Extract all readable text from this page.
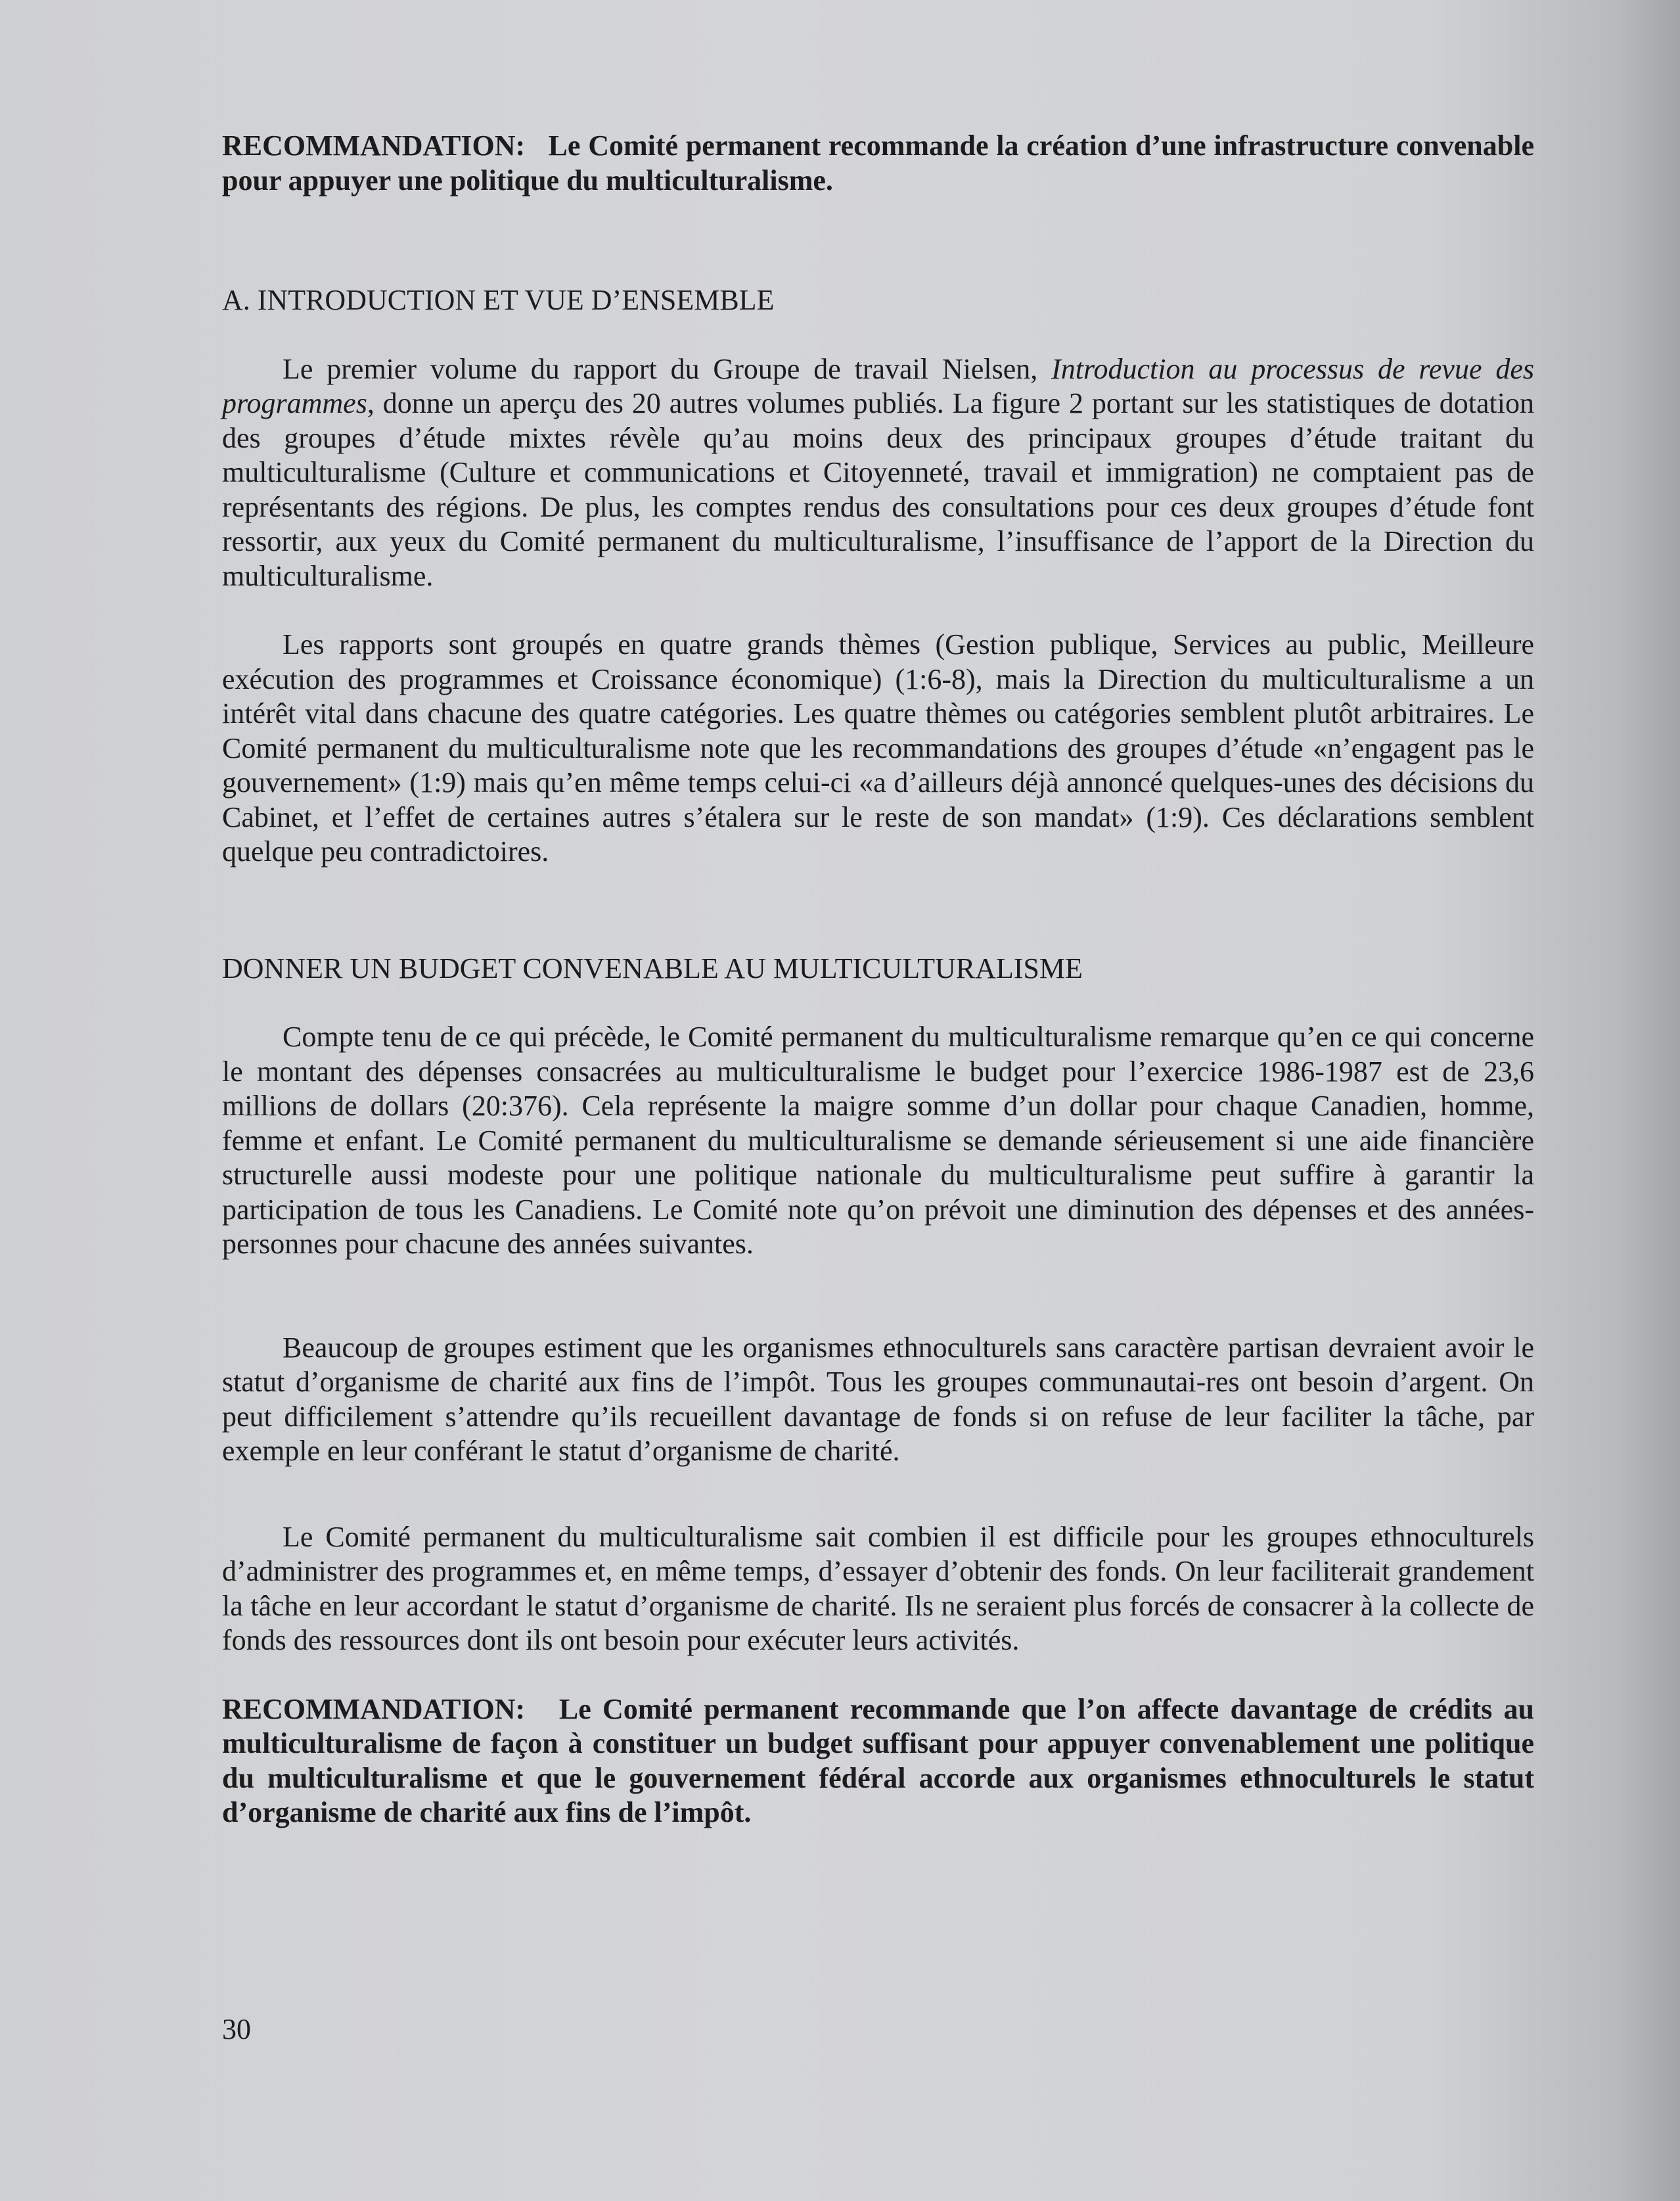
RECOMMANDATION: Le Comité permanent recommande la création d’une infrastructure convenable pour appuyer une politique du multiculturalisme.

A. INTRODUCTION ET VUE D’ENSEMBLE

Le premier volume du rapport du Groupe de travail Nielsen, Introduction au processus de revue des programmes, donne un aperçu des 20 autres volumes publiés. La figure 2 portant sur les statistiques de dotation des groupes d’étude mixtes révèle qu’au moins deux des principaux groupes d’étude traitant du multiculturalisme (Culture et communications et Citoyenneté, travail et immigration) ne comptaient pas de représentants des régions. De plus, les comptes rendus des consultations pour ces deux groupes d’étude font ressortir, aux yeux du Comité permanent du multiculturalisme, l’insuffisance de l’apport de la Direction du multiculturalisme.

Les rapports sont groupés en quatre grands thèmes (Gestion publique, Services au public, Meilleure exécution des programmes et Croissance économique) (1:6-8), mais la Direction du multiculturalisme a un intérêt vital dans chacune des quatre catégories. Les quatre thèmes ou catégories semblent plutôt arbitraires. Le Comité permanent du multiculturalisme note que les recommandations des groupes d’étude «n’engagent pas le gouvernement» (1:9) mais qu’en même temps celui-ci «a d’ailleurs déjà annoncé quelques-unes des décisions du Cabinet, et l’effet de certaines autres s’étalera sur le reste de son mandat» (1:9). Ces déclarations semblent quelque peu contradictoires.

DONNER UN BUDGET CONVENABLE AU MULTICULTURALISME

Compte tenu de ce qui précède, le Comité permanent du multiculturalisme remarque qu’en ce qui concerne le montant des dépenses consacrées au multiculturalisme le budget pour l’exercice 1986-1987 est de 23,6 millions de dollars (20:376). Cela représente la maigre somme d’un dollar pour chaque Canadien, homme, femme et enfant. Le Comité permanent du multiculturalisme se demande sérieusement si une aide financière structurelle aussi modeste pour une politique nationale du multiculturalisme peut suffire à garantir la participation de tous les Canadiens. Le Comité note qu’on prévoit une diminution des dépenses et des années-personnes pour chacune des années suivantes.

Beaucoup de groupes estiment que les organismes ethnoculturels sans caractère partisan devraient avoir le statut d’organisme de charité aux fins de l’impôt. Tous les groupes communautai-res ont besoin d’argent. On peut difficilement s’attendre qu’ils recueillent davantage de fonds si on refuse de leur faciliter la tâche, par exemple en leur conférant le statut d’organisme de charité.

Le Comité permanent du multiculturalisme sait combien il est difficile pour les groupes ethnoculturels d’administrer des programmes et, en même temps, d’essayer d’obtenir des fonds. On leur faciliterait grandement la tâche en leur accordant le statut d’organisme de charité. Ils ne seraient plus forcés de consacrer à la collecte de fonds des ressources dont ils ont besoin pour exécuter leurs activités.

RECOMMANDATION: Le Comité permanent recommande que l’on affecte davantage de crédits au multiculturalisme de façon à constituer un budget suffisant pour appuyer convenablement une politique du multiculturalisme et que le gouvernement fédéral accorde aux organismes ethnoculturels le statut d’organisme de charité aux fins de l’impôt.

30
